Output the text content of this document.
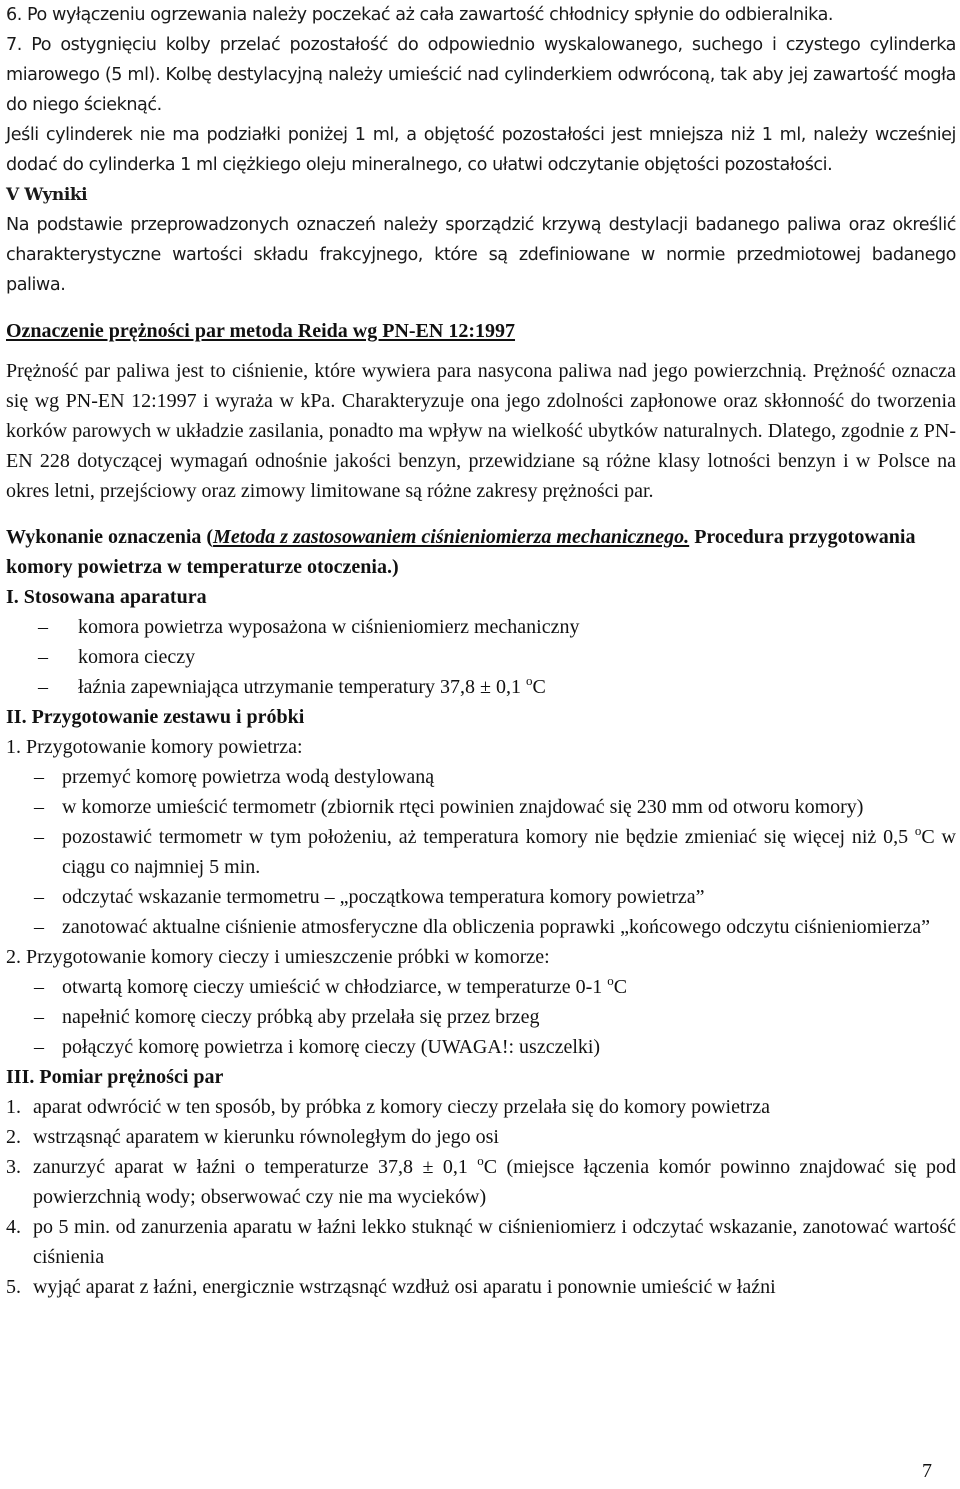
6. Po wyłączeniu ogrzewania należy poczekać aż cała zawartość chłodnicy spłynie do odbieralnika.

7. Po ostygnięciu kolby przelać pozostałość do odpowiednio wyskalowanego, suchego i czystego cylinderka miarowego (5 ml). Kolbę destylacyjną należy umieścić nad cylinderkiem odwróconą, tak aby jej zawartość mogła do niego ścieknąć.

Jeśli cylinderek nie ma podziałki poniżej 1 ml, a objętość pozostałości jest mniejsza niż 1 ml, należy wcześniej dodać do cylinderka 1 ml ciężkiego oleju mineralnego, co ułatwi odczytanie objętości pozostałości.

V Wyniki

Na podstawie przeprowadzonych oznaczeń należy sporządzić krzywą destylacji badanego paliwa oraz określić charakterystyczne wartości składu frakcyjnego, które są zdefiniowane w normie przedmiotowej badanego paliwa.

Oznaczenie prężności par metoda Reida wg PN-EN 12:1997

Prężność par paliwa jest to ciśnienie, które wywiera para nasycona paliwa nad jego powierzchnią. Prężność oznacza się wg PN-EN 12:1997 i wyraża w kPa. Charakteryzuje ona jego zdolności zapłonowe oraz skłonność do tworzenia korków parowych w układzie zasilania, ponadto ma wpływ na wielkość ubytków naturalnych. Dlatego, zgodnie z PN-EN 228 dotyczącej wymagań odnośnie jakości benzyn, przewidziane są różne klasy lotności benzyn i w Polsce na okres letni, przejściowy oraz zimowy limitowane są różne zakresy prężności par.

Wykonanie oznaczenia (Metoda z zastosowaniem ciśnieniomierza mechanicznego. Procedura przygotowania komory powietrza w temperaturze otoczenia.)

I. Stosowana aparatura

– komora powietrza wyposażona w ciśnieniomierz mechaniczny
– komora cieczy
– łaźnia zapewniająca utrzymanie temperatury 37,8 ± 0,1 $^o$C

II. Przygotowanie zestawu i próbki

1. Przygotowanie komory powietrza:

– przemyć komorę powietrza wodą destylowaną
– w komorze umieścić termometr (zbiornik rtęci powinien znajdować się 230 mm od otworu komory)
– pozostawić termometr w tym położeniu, aż temperatura komory nie będzie zmieniać się więcej niż 0,5 $^o$C w ciągu co najmniej 5 min.
– odczytać wskazanie termometru – „początkowa temperatura komory powietrza”
– zanotować aktualne ciśnienie atmosferyczne dla obliczenia poprawki „końcowego odczytu ciśnieniomierza”

2. Przygotowanie komory cieczy i umieszczenie próbki w komorze:

– otwartą komorę cieczy umieścić w chłodziarce, w temperaturze 0-1 $^o$C
– napełnić komorę cieczy próbką aby przelała się przez brzeg
– połączyć komorę powietrza i komorę cieczy (UWAGA!: uszczelki)

III. Pomiar prężności par

1. aparat odwrócić w ten sposób, by próbka z komory cieczy przelała się do komory powietrza
2. wstrząsnąć aparatem w kierunku równoległym do jego osi
3. zanurzyć aparat w łaźni o temperaturze 37,8 ± 0,1 $^o$C (miejsce łączenia komór powinno znajdować się pod powierzchnią wody; obserwować czy nie ma wycieków)
4. po 5 min. od zanurzenia aparatu w łaźni lekko stuknąć w ciśnieniomierz i odczytać wskazanie, zanotować wartość ciśnienia
5. wyjąć aparat z łaźni, energicznie wstrząsnąć wzdłuż osi aparatu i ponownie umieścić w łaźni
7
